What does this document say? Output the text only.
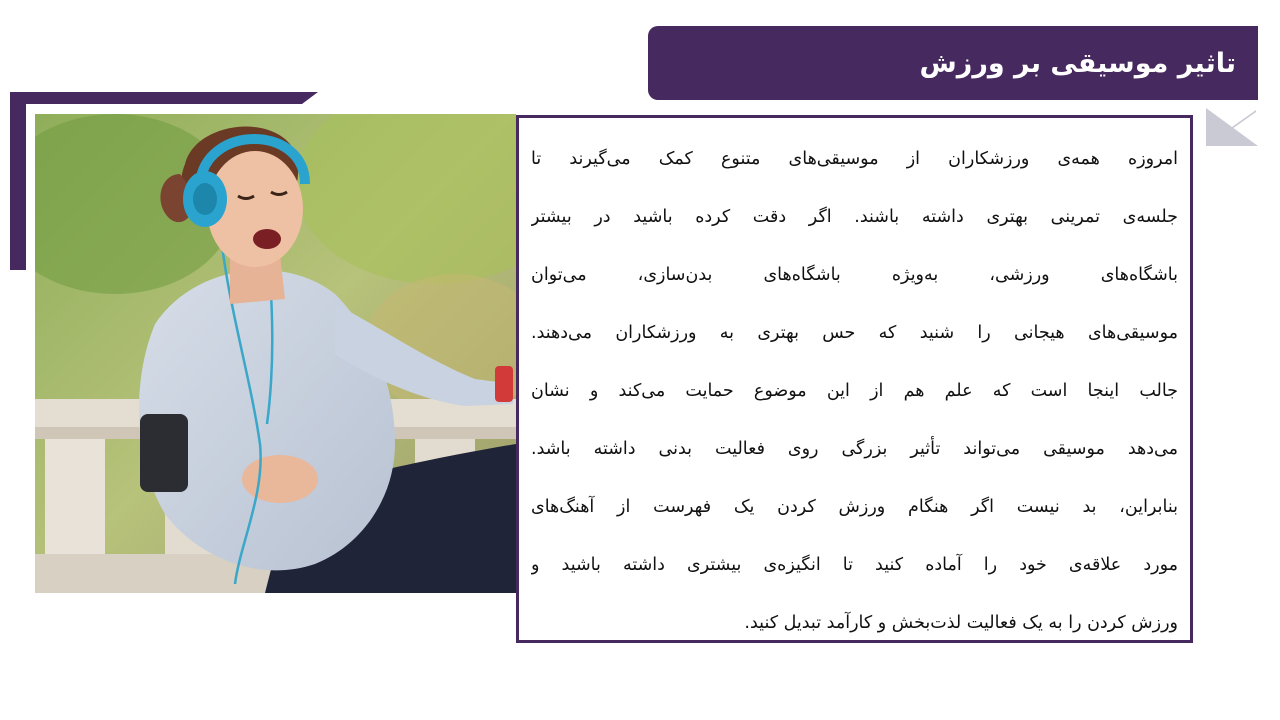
تاثیر موسیقی بر ورزش
امروزه همه‌ی ورزشکاران از موسیقی‌های متنوع کمک می‌گیرند تا
جلسه‌ی تمرینی بهتری داشته باشند. اگر دقت کرده باشید در بیشتر
باشگاه‌های ورزشی، به‌ویژه باشگاه‌های بدن‌سازی، می‌توان
موسیقی‌های هیجانی را شنید که حس بهتری به ورزشکاران می‌دهند.
جالب اینجا است که علم هم از این موضوع حمایت می‌کند و نشان
می‌دهد موسیقی می‌تواند تأثیر بزرگی روی فعالیت بدنی داشته باشد.
بنابراین، بد نیست اگر هنگام ورزش کردن یک فهرست از آهنگ‌های
مورد علاقه‌ی خود را آماده کنید تا انگیزه‌ی بیشتری داشته باشید و
ورزش کردن را به یک فعالیت لذت‌بخش و کارآمد تبدیل کنید.
